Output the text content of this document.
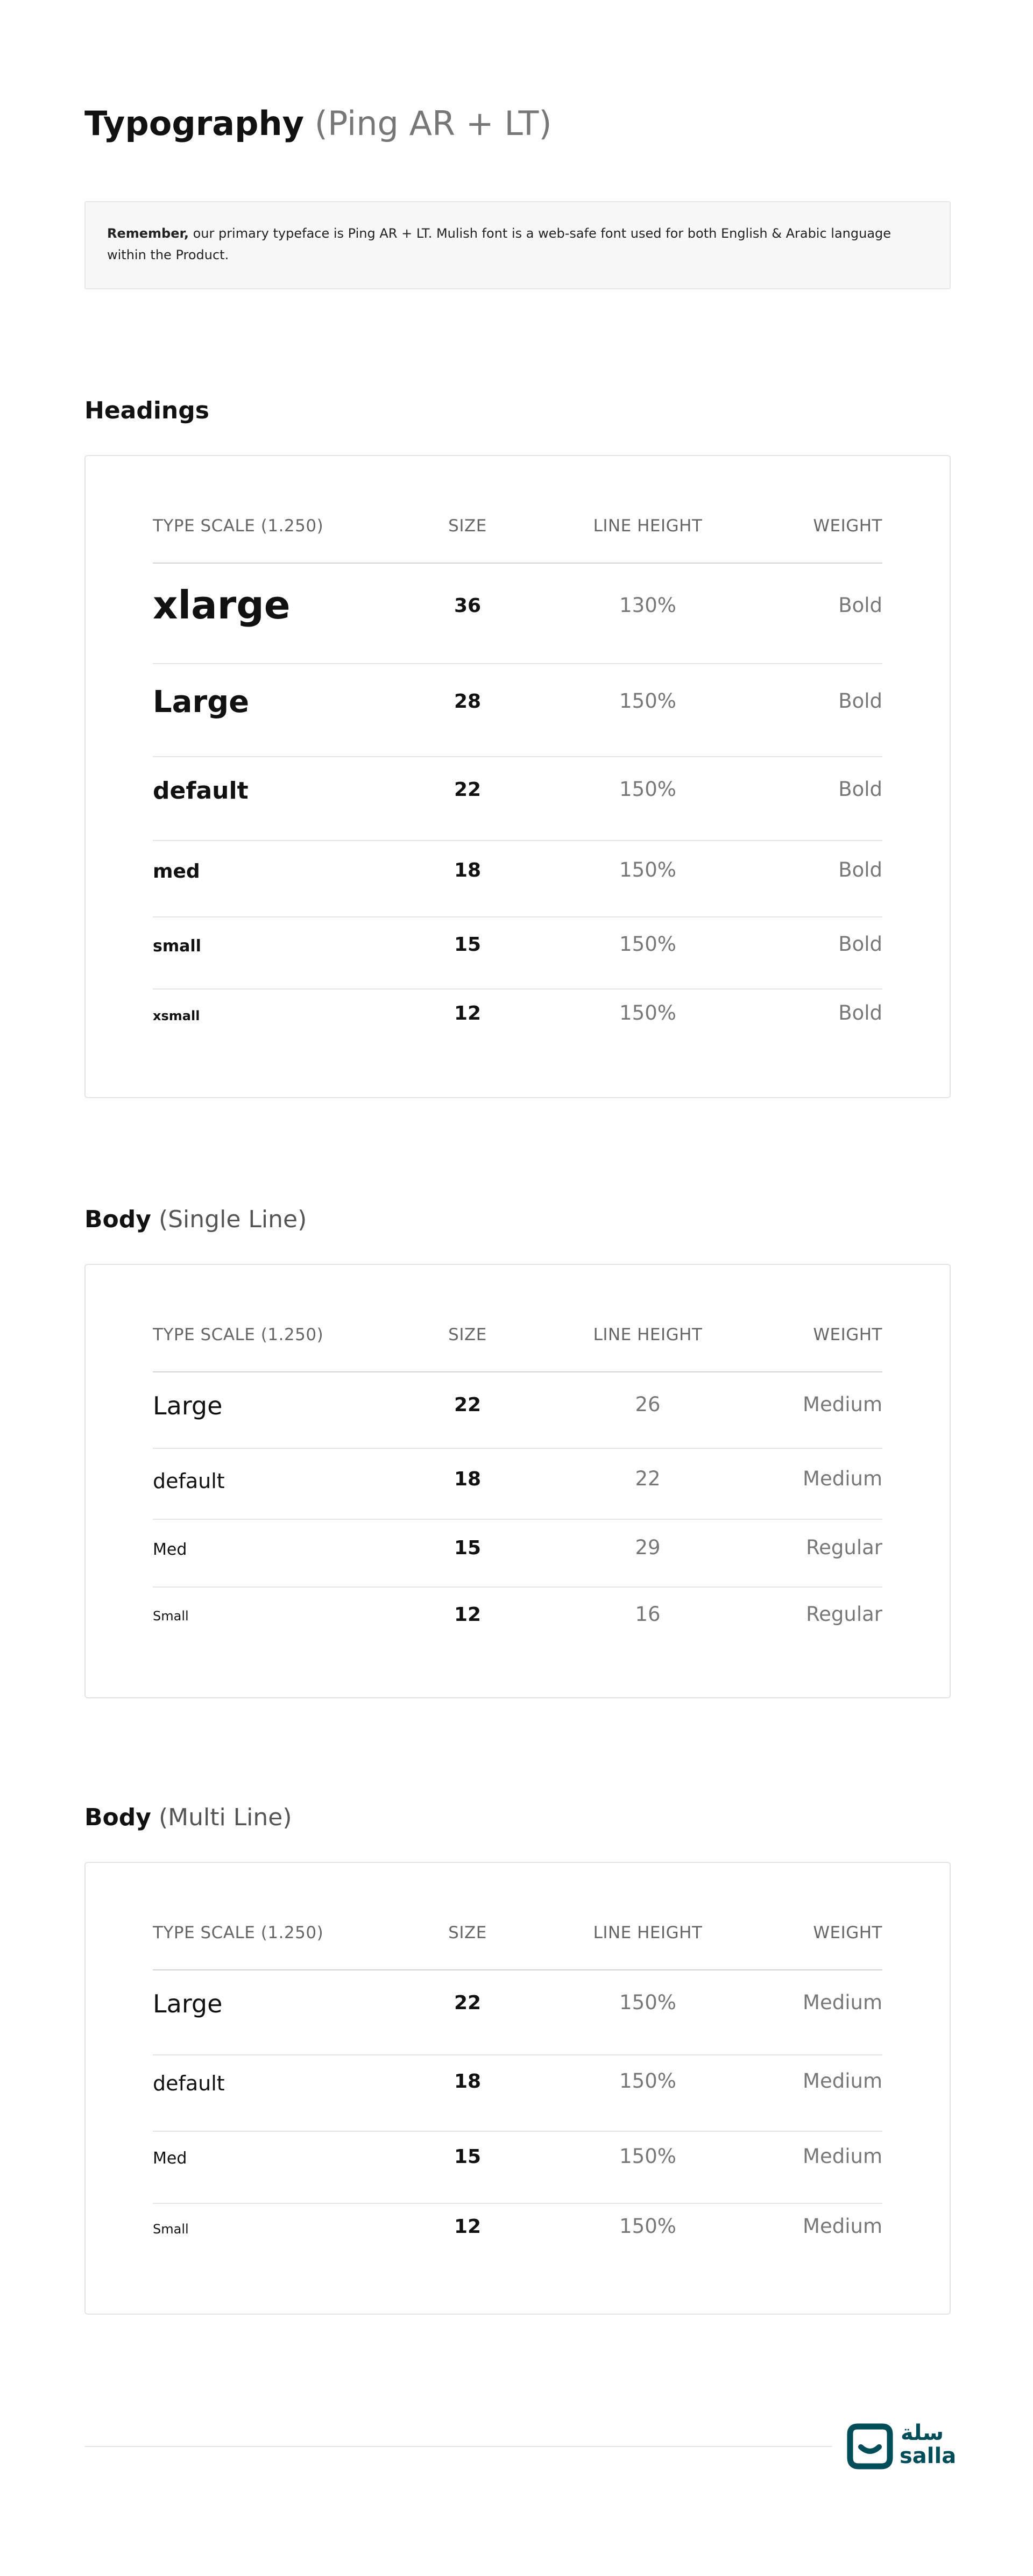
Typography (Ping AR + LT)
Remember, our primary typeface is Ping AR + LT. Mulish font is a web-safe font used for both English & Arabic language within the Product.
Headings
TYPE SCALE (1.250)	SIZE	LINE HEIGHT	WEIGHT
xlarge	36	130%	Bold
Large	28	150%	Bold
default	22	150%	Bold
med	18	150%	Bold
small	15	150%	Bold
xsmall	12	150%	Bold
Body (Single Line)
TYPE SCALE (1.250)	SIZE	LINE HEIGHT	WEIGHT
Large	22	26	Medium
default	18	22	Medium
Med	15	29	Regular
Small	12	16	Regular
Body (Multi Line)
TYPE SCALE (1.250)	SIZE	LINE HEIGHT	WEIGHT
Large	22	150%	Medium
default	18	150%	Medium
Med	15	150%	Medium
Small	12	150%	Medium
سلة
salla
